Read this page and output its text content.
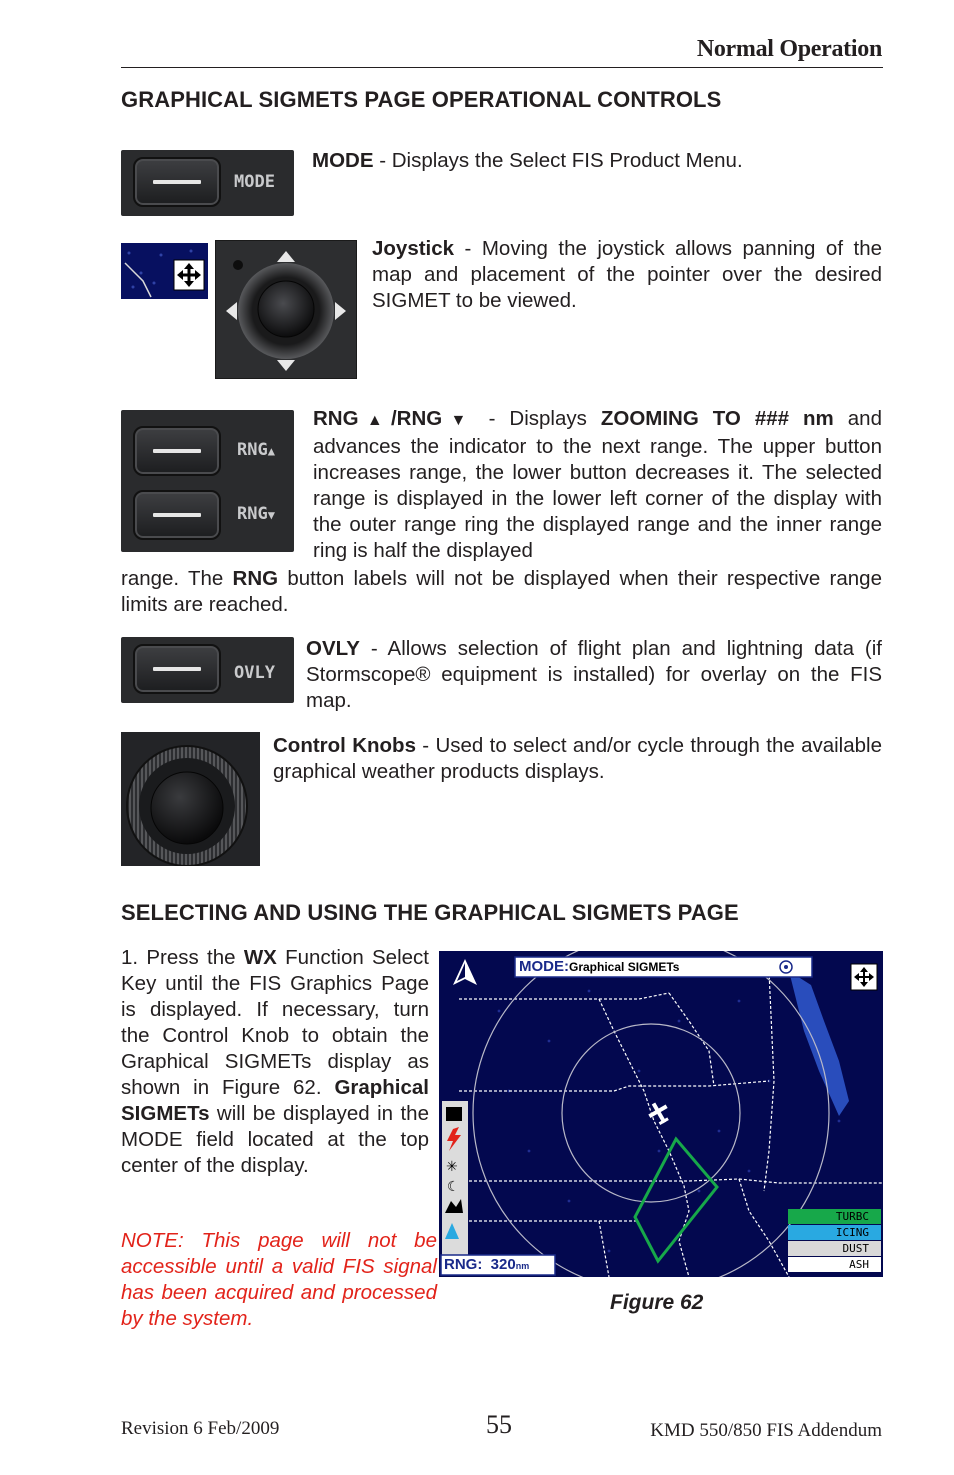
Normal Operation
GRAPHICAL SIGMETS PAGE OPERATIONAL CONTROLS
MODE
MODE - Displays the Select FIS Product Menu.
Joystick - Moving the joystick allows panning of the map and placement of the pointer over the desired SIGMET to be viewed.
RNG▲
RNG▼
RNG▲/RNG▼ - Displays ZOOMING TO ### nm and advances the indicator to the next range. The upper button increases range, the lower button decreases it. The selected range is displayed in the lower left corner of the display with the outer range ring the displayed range and the inner range ring is half the displayed
range. The RNG button labels will not be displayed when their respective range limits are reached.
OVLY
OVLY - Allows selection of flight plan and lightning data (if Stormscope® equipment is installed) for overlay on the FIS map.
Control Knobs - Used to select and/or cycle through the available graphical weather products displays.
SELECTING AND USING THE GRAPHICAL SIGMETS PAGE
1. Press the WX Function Select Key until the FIS Graphics Page is displayed. If necessary, turn the Control Knob to obtain the Graphical SIGMETs display as shown in Figure 62. Graphical SIGMETs will be displayed in the MODE field located at the top center of the display.
NOTE: This page will not be accessible until a valid FIS signal has been acquired and processed by the system.
✳
☾
MODE:Graphical SIGMETs
RNG: 320nm
TURBC
ICING
DUST
ASH
Figure 62
Revision 6 Feb/2009	55	KMD 550/850 FIS Addendum
